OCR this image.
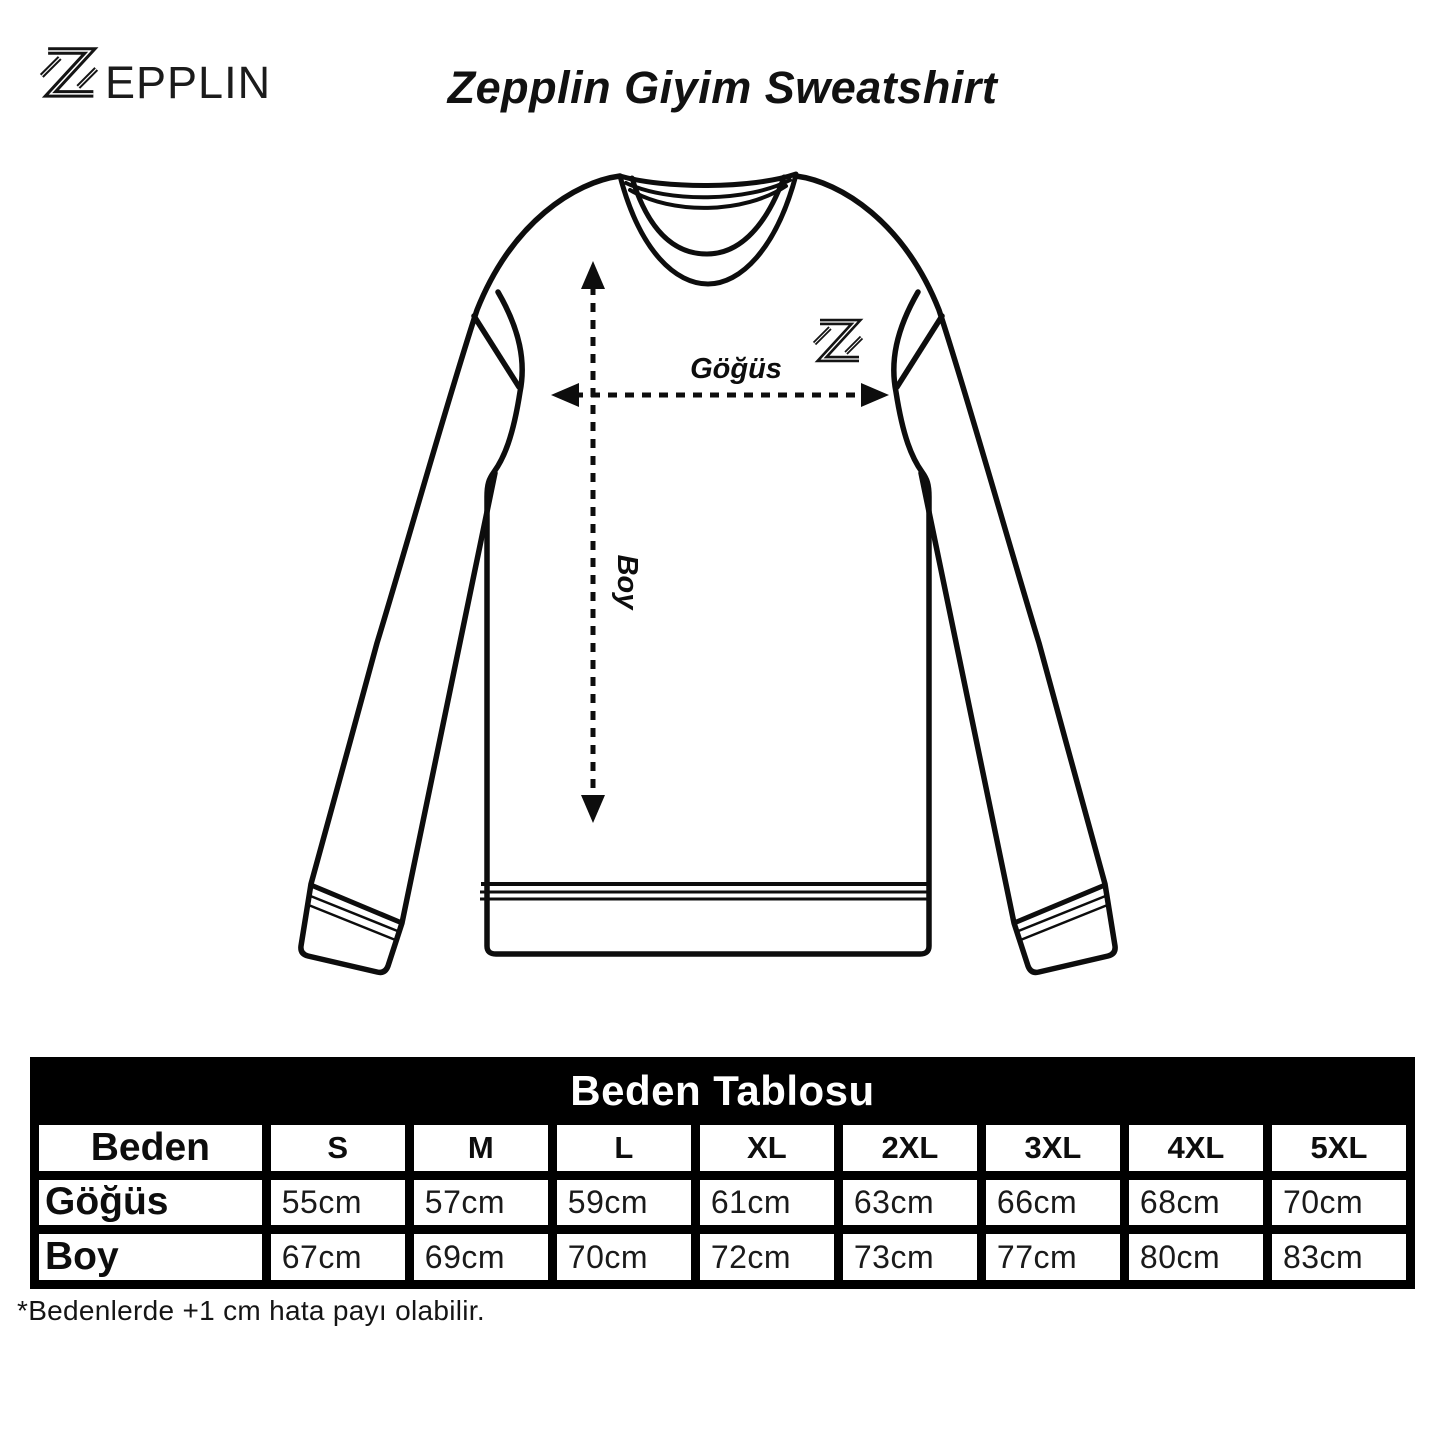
EPPLIN	Zepplin Giyim Sweatshirt
Göğüs
Boy
Beden Tablosu								
Beden	S	M	L	XL	2XL	3XL	4XL	5XL
Göğüs	55cm	57cm	59cm	61cm	63cm	66cm	68cm	70cm
Boy	67cm	69cm	70cm	72cm	73cm	77cm	80cm	83cm

*Bedenlerde +1 cm hata payı olabilir.
